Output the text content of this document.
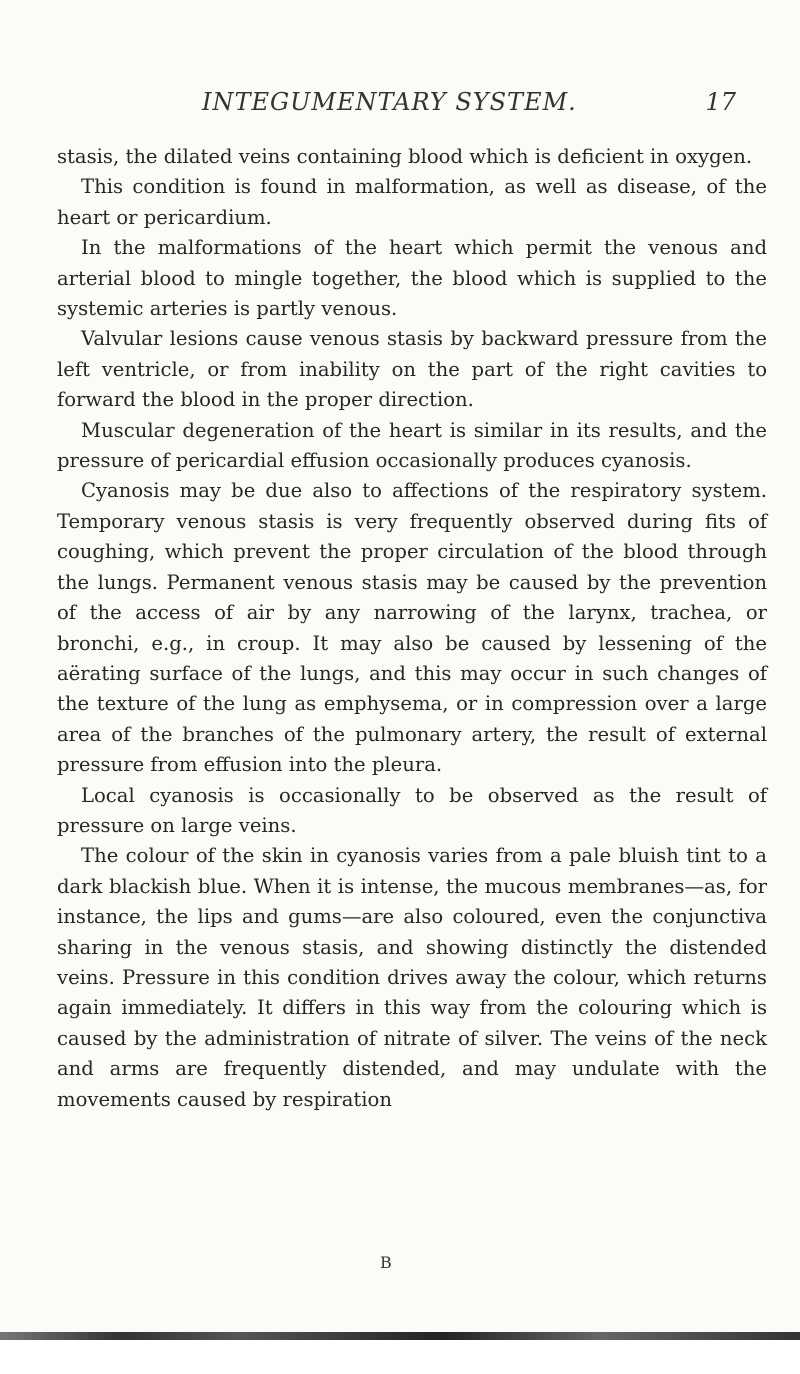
INTEGUMENTARY SYSTEM.	17

stasis, the dilated veins containing blood which is deficient in oxygen.

This condition is found in malformation, as well as disease, of the heart or pericardium.

In the malformations of the heart which permit the venous and arterial blood to mingle together, the blood which is supplied to the systemic arteries is partly venous.

Valvular lesions cause venous stasis by backward pressure from the left ventricle, or from inability on the part of the right cavities to forward the blood in the proper direction.

Muscular degeneration of the heart is similar in its results, and the pressure of pericardial effusion occasionally produces cyanosis.

Cyanosis may be due also to affections of the respiratory system. Temporary venous stasis is very frequently observed during fits of coughing, which prevent the proper circulation of the blood through the lungs. Permanent venous stasis may be caused by the prevention of the access of air by any narrowing of the larynx, trachea, or bronchi, e.g., in croup. It may also be caused by lessening of the aërating surface of the lungs, and this may occur in such changes of the texture of the lung as emphysema, or in compression over a large area of the branches of the pulmonary artery, the result of external pressure from effusion into the pleura.

Local cyanosis is occasionally to be observed as the result of pressure on large veins.

The colour of the skin in cyanosis varies from a pale bluish tint to a dark blackish blue. When it is intense, the mucous membranes—as, for instance, the lips and gums—are also coloured, even the conjunctiva sharing in the venous stasis, and showing distinctly the distended veins. Pressure in this condition drives away the colour, which returns again immediately. It differs in this way from the colouring which is caused by the administration of nitrate of silver. The veins of the neck and arms are frequently distended, and may undulate with the movements caused by respiration

B
